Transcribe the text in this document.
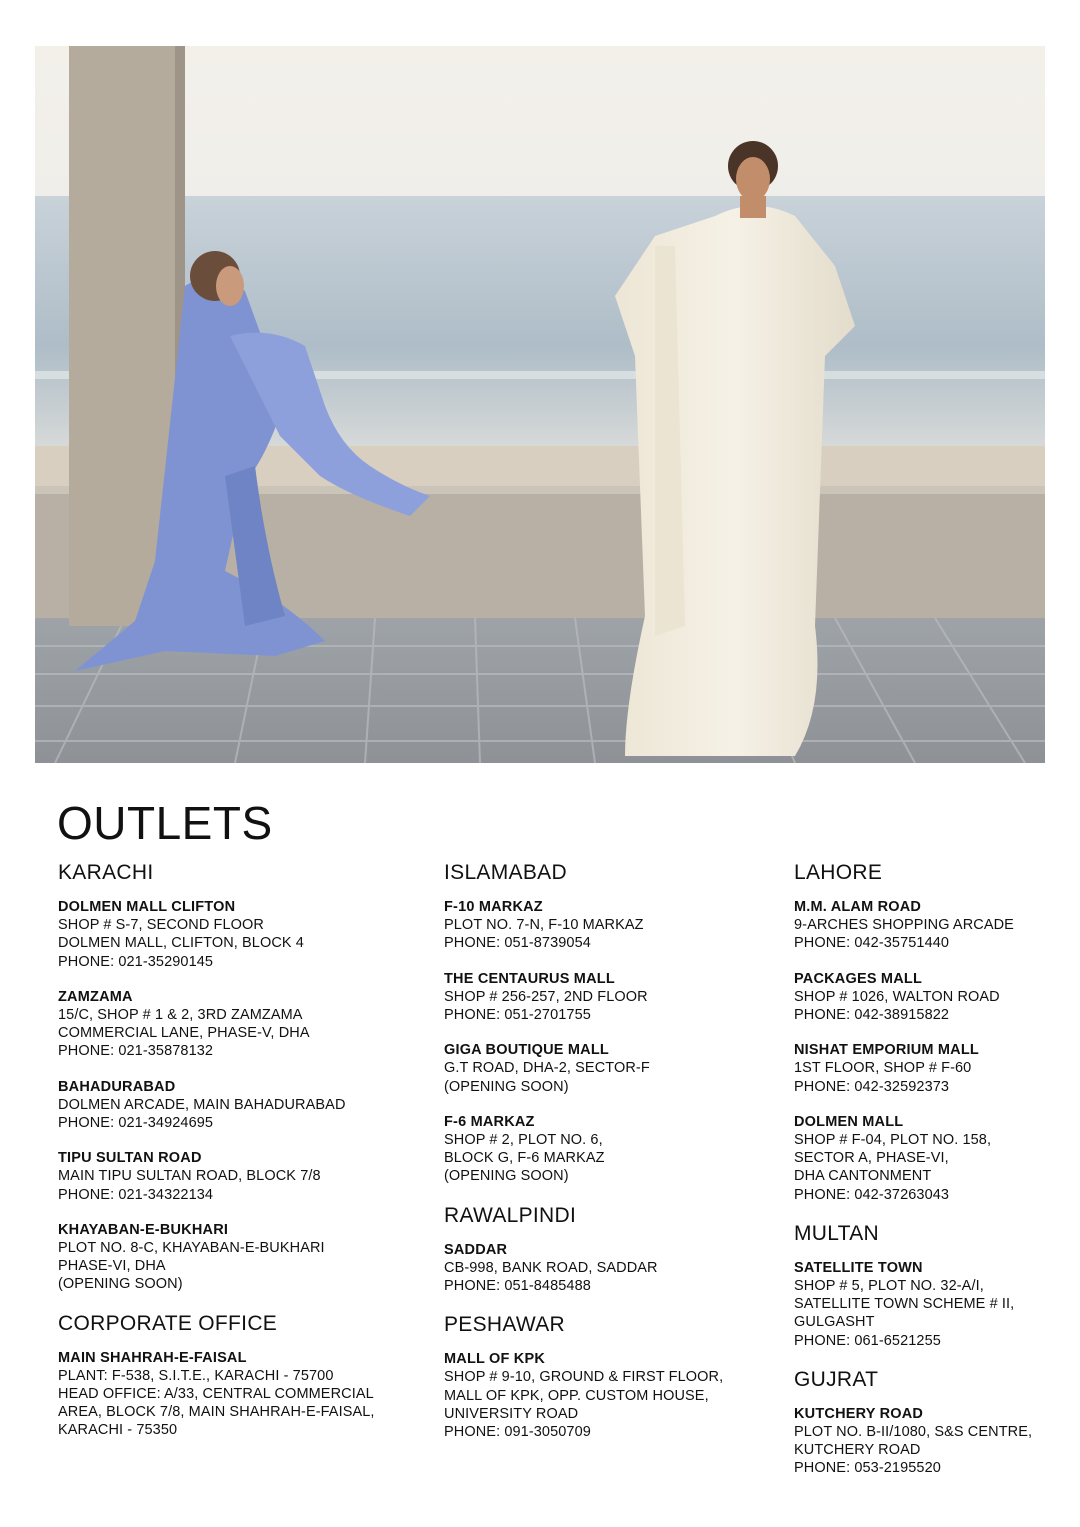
OUTLETS
KARACHI
DOLMEN MALL CLIFTON
SHOP # S-7, SECOND FLOOR
DOLMEN MALL, CLIFTON, BLOCK 4
PHONE: 021-35290145
ZAMZAMA
15/C, SHOP # 1 & 2, 3RD ZAMZAMA
COMMERCIAL LANE, PHASE-V, DHA
PHONE: 021-35878132
BAHADURABAD
DOLMEN ARCADE, MAIN BAHADURABAD
PHONE: 021-34924695
TIPU SULTAN ROAD
MAIN TIPU SULTAN ROAD, BLOCK 7/8
PHONE: 021-34322134
KHAYABAN-E-BUKHARI
PLOT NO. 8-C, KHAYABAN-E-BUKHARI
PHASE-VI, DHA
(OPENING SOON)
CORPORATE OFFICE
MAIN SHAHRAH-E-FAISAL
PLANT: F-538, S.I.T.E., KARACHI - 75700
HEAD OFFICE: A/33, CENTRAL COMMERCIAL
AREA, BLOCK 7/8, MAIN SHAHRAH-E-FAISAL,
KARACHI - 75350
ISLAMABAD
F-10 MARKAZ
PLOT NO. 7-N, F-10 MARKAZ
PHONE: 051-8739054
THE CENTAURUS MALL
SHOP # 256-257, 2ND FLOOR
PHONE: 051-2701755
GIGA BOUTIQUE MALL
G.T ROAD, DHA-2, SECTOR-F
(OPENING SOON)
F-6 MARKAZ
SHOP # 2, PLOT NO. 6,
BLOCK G, F-6 MARKAZ
(OPENING SOON)
RAWALPINDI
SADDAR
CB-998, BANK ROAD, SADDAR
PHONE: 051-8485488
PESHAWAR
MALL OF KPK
SHOP # 9-10, GROUND & FIRST FLOOR,
MALL OF KPK, OPP. CUSTOM HOUSE,
UNIVERSITY ROAD
PHONE: 091-3050709
LAHORE
M.M. ALAM ROAD
9-ARCHES SHOPPING ARCADE
PHONE: 042-35751440
PACKAGES MALL
SHOP # 1026, WALTON ROAD
PHONE: 042-38915822
NISHAT EMPORIUM MALL
1ST FLOOR, SHOP # F-60
PHONE: 042-32592373
DOLMEN MALL
SHOP # F-04, PLOT NO. 158,
SECTOR A, PHASE-VI,
DHA CANTONMENT
PHONE: 042-37263043
MULTAN
SATELLITE TOWN
SHOP # 5, PLOT NO. 32-A/I,
SATELLITE TOWN SCHEME # II,
GULGASHT
PHONE: 061-6521255
GUJRAT
KUTCHERY ROAD
PLOT NO. B-II/1080, S&S CENTRE,
KUTCHERY ROAD
PHONE: 053-2195520
